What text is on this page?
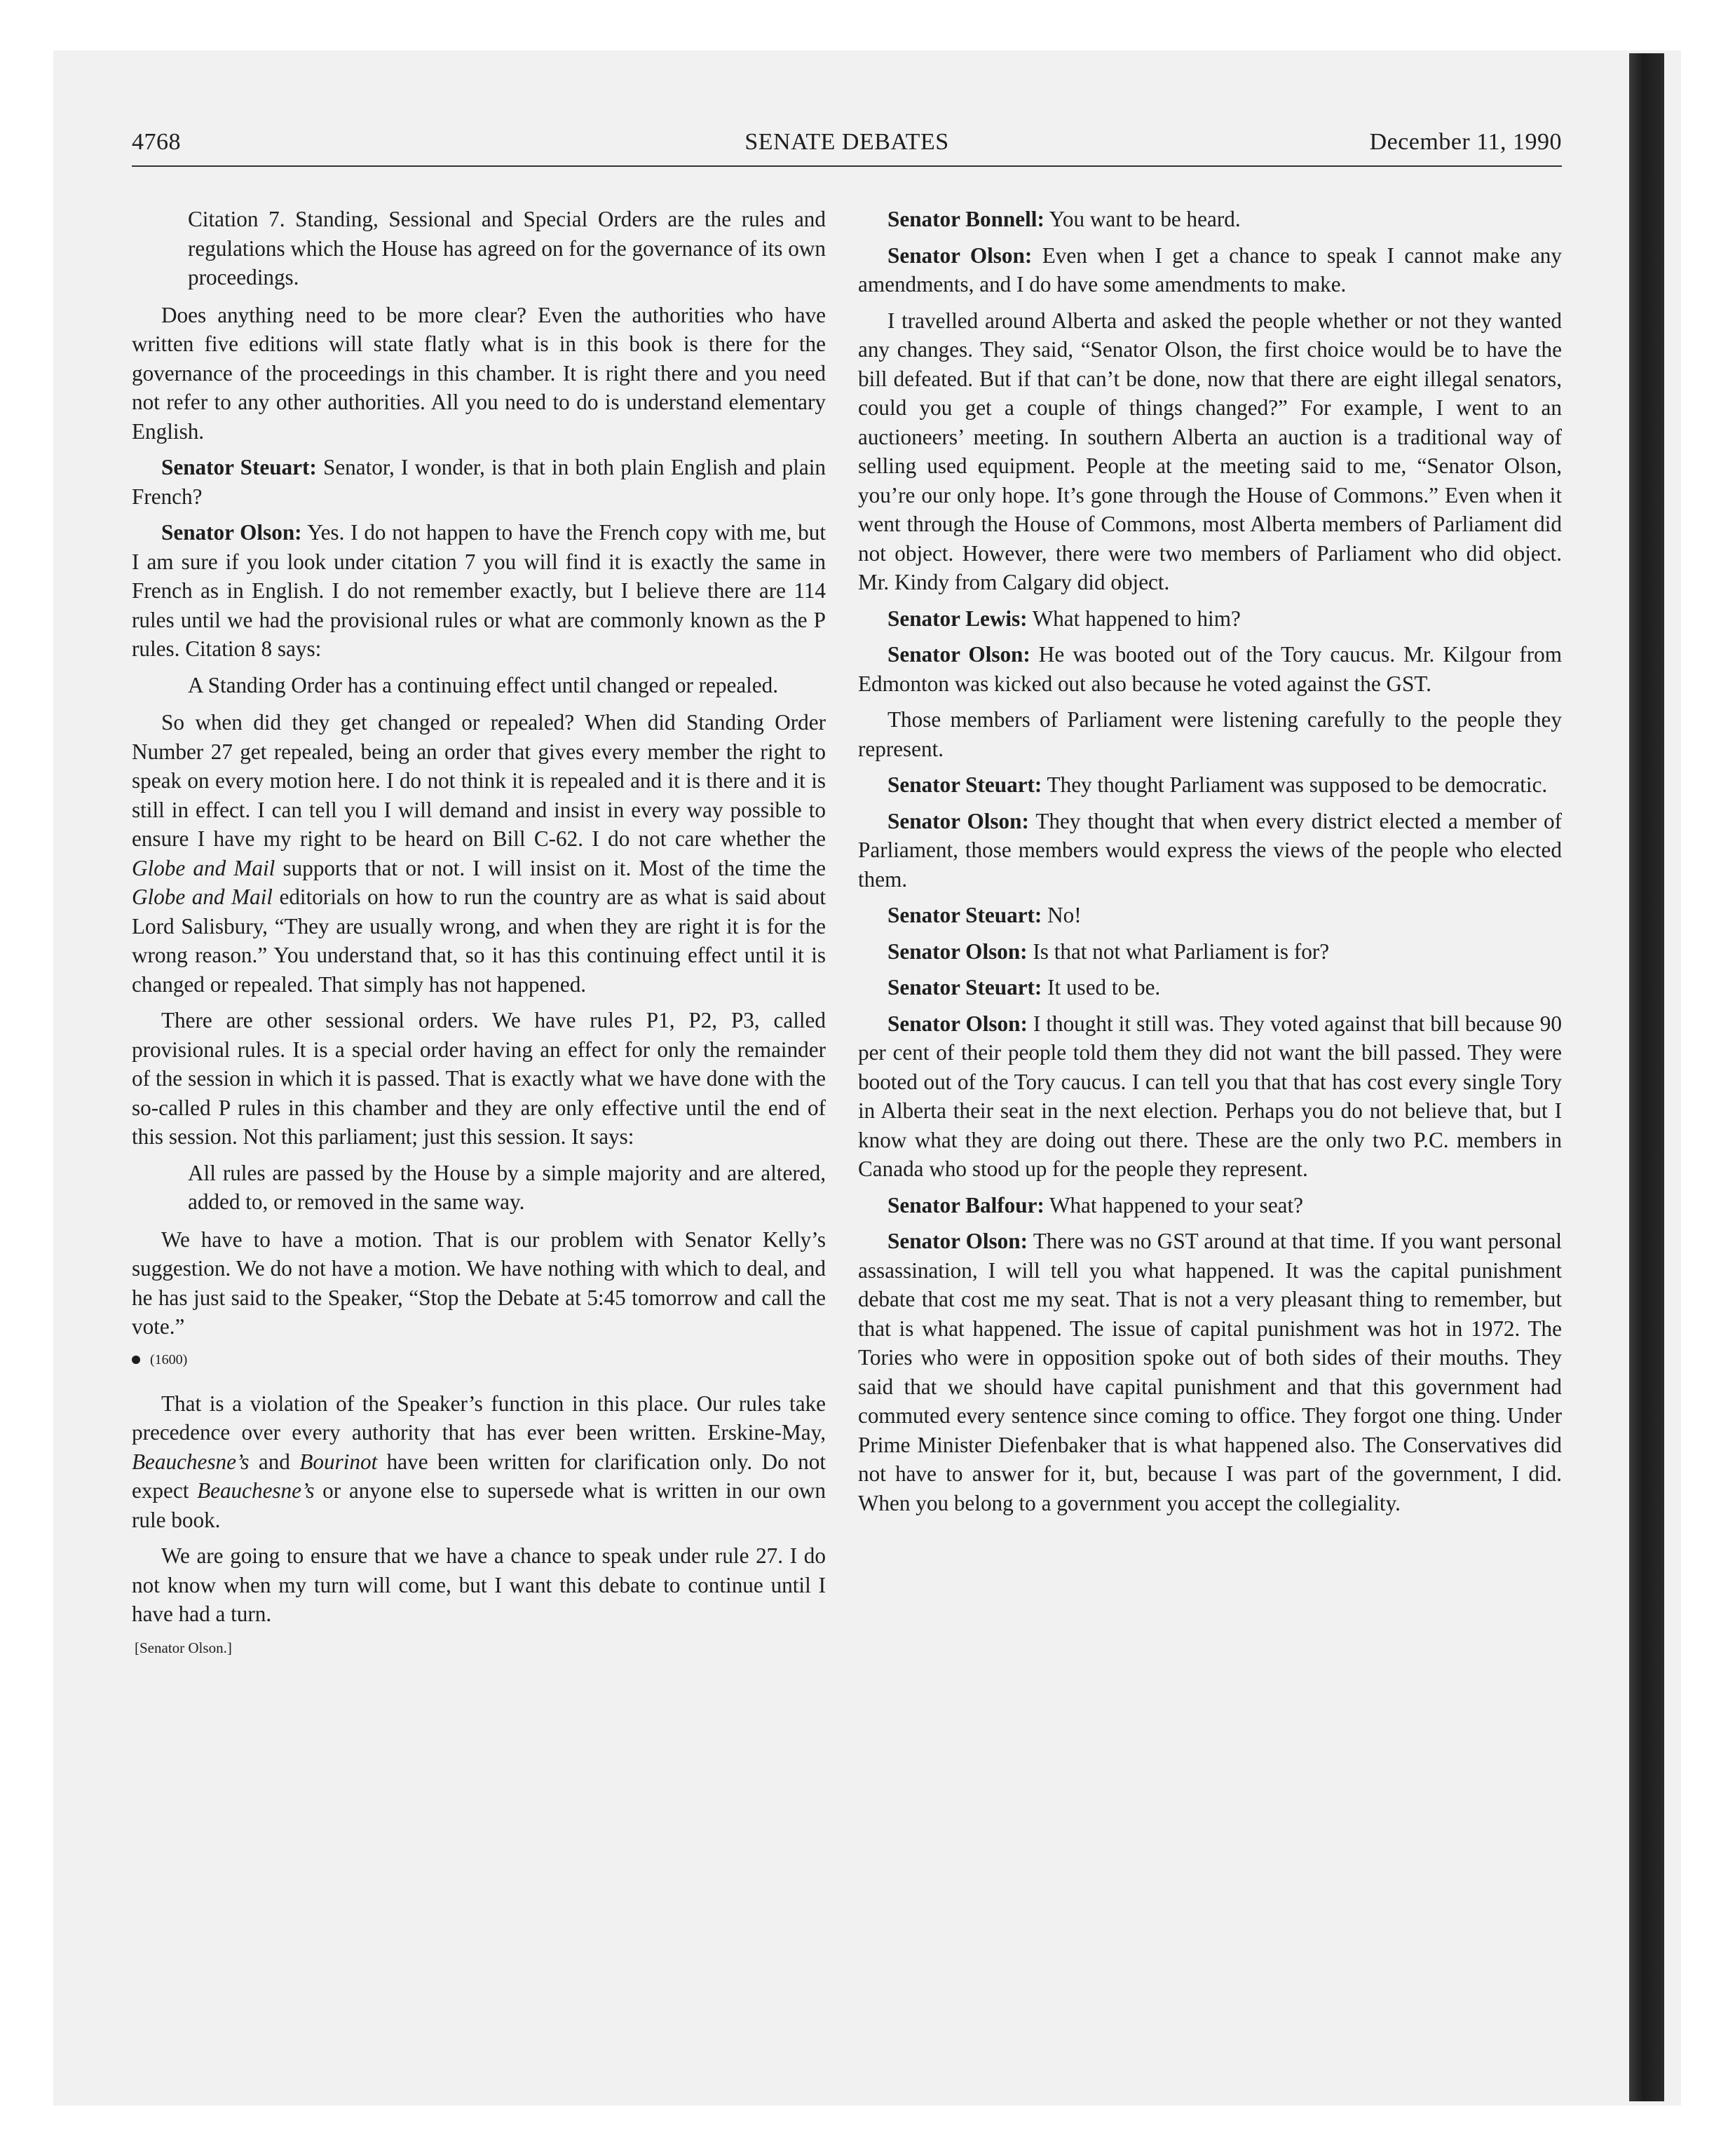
4768	SENATE DEBATES	December 11, 1990

Citation 7. Standing, Sessional and Special Orders are the rules and regulations which the House has agreed on for the governance of its own proceedings.

Does anything need to be more clear? Even the authorities who have written five editions will state flatly what is in this book is there for the governance of the proceedings in this chamber. It is right there and you need not refer to any other authorities. All you need to do is understand elementary English.

Senator Steuart: Senator, I wonder, is that in both plain English and plain French?

Senator Olson: Yes. I do not happen to have the French copy with me, but I am sure if you look under citation 7 you will find it is exactly the same in French as in English. I do not remember exactly, but I believe there are 114 rules until we had the provisional rules or what are commonly known as the P rules. Citation 8 says:

A Standing Order has a continuing effect until changed or repealed.

So when did they get changed or repealed? When did Standing Order Number 27 get repealed, being an order that gives every member the right to speak on every motion here. I do not think it is repealed and it is there and it is still in effect. I can tell you I will demand and insist in every way possible to ensure I have my right to be heard on Bill C-62. I do not care whether the Globe and Mail supports that or not. I will insist on it. Most of the time the Globe and Mail editorials on how to run the country are as what is said about Lord Salisbury, “They are usually wrong, and when they are right it is for the wrong reason.” You understand that, so it has this continuing effect until it is changed or repealed. That simply has not happened.

There are other sessional orders. We have rules P1, P2, P3, called provisional rules. It is a special order having an effect for only the remainder of the session in which it is passed. That is exactly what we have done with the so-called P rules in this chamber and they are only effective until the end of this session. Not this parliament; just this session. It says:

All rules are passed by the House by a simple majority and are altered, added to, or removed in the same way.

We have to have a motion. That is our problem with Senator Kelly’s suggestion. We do not have a motion. We have nothing with which to deal, and he has just said to the Speaker, “Stop the Debate at 5:45 tomorrow and call the vote.”

(1600)

That is a violation of the Speaker’s function in this place. Our rules take precedence over every authority that has ever been written. Erskine-May, Beauchesne’s and Bourinot have been written for clarification only. Do not expect Beauchesne’s or anyone else to supersede what is written in our own rule book.

We are going to ensure that we have a chance to speak under rule 27. I do not know when my turn will come, but I want this debate to continue until I have had a turn.

[Senator Olson.]

Senator Bonnell: You want to be heard.

Senator Olson: Even when I get a chance to speak I cannot make any amendments, and I do have some amendments to make.

I travelled around Alberta and asked the people whether or not they wanted any changes. They said, “Senator Olson, the first choice would be to have the bill defeated. But if that can’t be done, now that there are eight illegal senators, could you get a couple of things changed?” For example, I went to an auctioneers’ meeting. In southern Alberta an auction is a traditional way of selling used equipment. People at the meeting said to me, “Senator Olson, you’re our only hope. It’s gone through the House of Commons.” Even when it went through the House of Commons, most Alberta members of Parliament did not object. However, there were two members of Parliament who did object. Mr. Kindy from Calgary did object.

Senator Lewis: What happened to him?

Senator Olson: He was booted out of the Tory caucus. Mr. Kilgour from Edmonton was kicked out also because he voted against the GST.

Those members of Parliament were listening carefully to the people they represent.

Senator Steuart: They thought Parliament was supposed to be democratic.

Senator Olson: They thought that when every district elected a member of Parliament, those members would express the views of the people who elected them.

Senator Steuart: No!

Senator Olson: Is that not what Parliament is for?

Senator Steuart: It used to be.

Senator Olson: I thought it still was. They voted against that bill because 90 per cent of their people told them they did not want the bill passed. They were booted out of the Tory caucus. I can tell you that that has cost every single Tory in Alberta their seat in the next election. Perhaps you do not believe that, but I know what they are doing out there. These are the only two P.C. members in Canada who stood up for the people they represent.

Senator Balfour: What happened to your seat?

Senator Olson: There was no GST around at that time. If you want personal assassination, I will tell you what happened. It was the capital punishment debate that cost me my seat. That is not a very pleasant thing to remember, but that is what happened. The issue of capital punishment was hot in 1972. The Tories who were in opposition spoke out of both sides of their mouths. They said that we should have capital punishment and that this government had commuted every sentence since coming to office. They forgot one thing. Under Prime Minister Diefenbaker that is what happened also. The Conservatives did not have to answer for it, but, because I was part of the government, I did. When you belong to a government you accept the collegiality.
